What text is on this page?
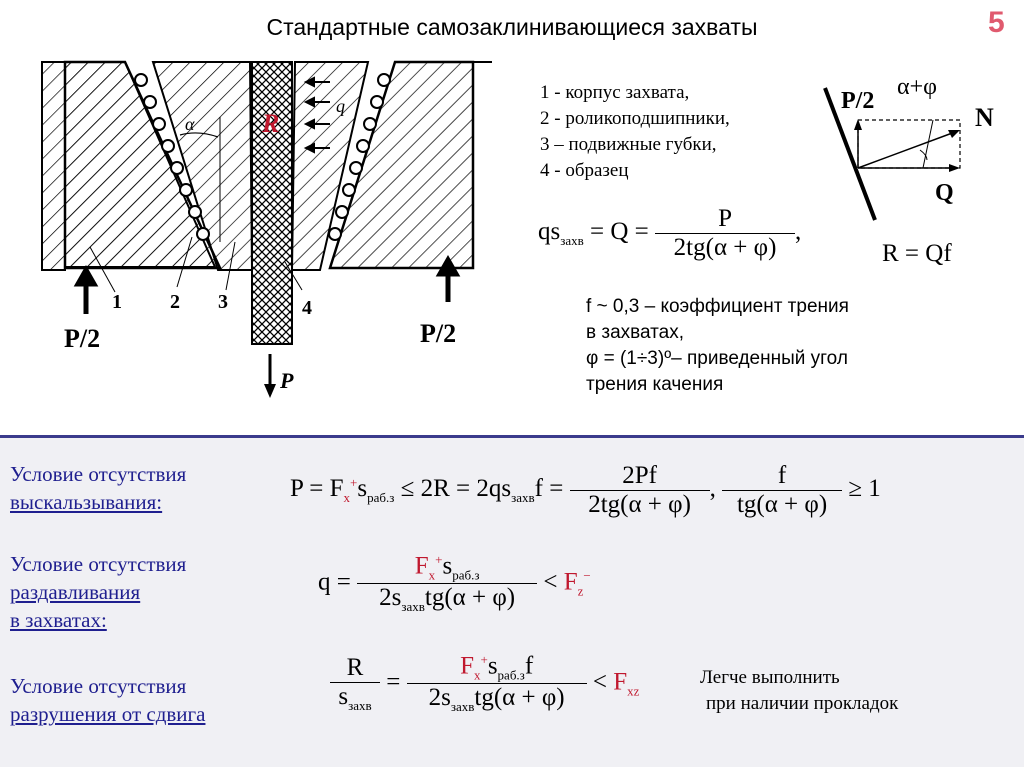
Стандартные самозаклинивающиеся захваты	5
α
q
R
1 2 3	4
P/2	P/2
P
1 - корпус захвата,
2 - роликоподшипники,
3 – подвижные губки,
4 - образец
P/2
α+φ
N
Q
$qs_{захв} = Q = \frac{P}{2tg(\alpha + \varphi)}$ ,
R = Qf
f ~ 0,3 – коэффициент трения
в захватах,
φ = (1÷3)º– приведенный угол
трения качения
Условие отсутствия
выскальзывания:
Условие отсутствия
раздавливания
в захватах:
Условие отсутствия
разрушения от сдвига
$P = F_x^+s_{раб.з} \le 2R = 2qs_{захв}f = \frac{2Pf}{2tg(\alpha + \varphi)}$ , $\frac{f}{tg(\alpha + \varphi)} \ge 1$
$q = \frac{F_x^+s_{раб.з}}{2s_{захв}tg(\alpha + \varphi)} < F_z^-$
$\frac{R}{s_{захв}} = \frac{F_x^+s_{раб.з}f}{2s_{захв}tg(\alpha + \varphi)} < F_{xz}$
Легче выполнить
при наличии прокладок
